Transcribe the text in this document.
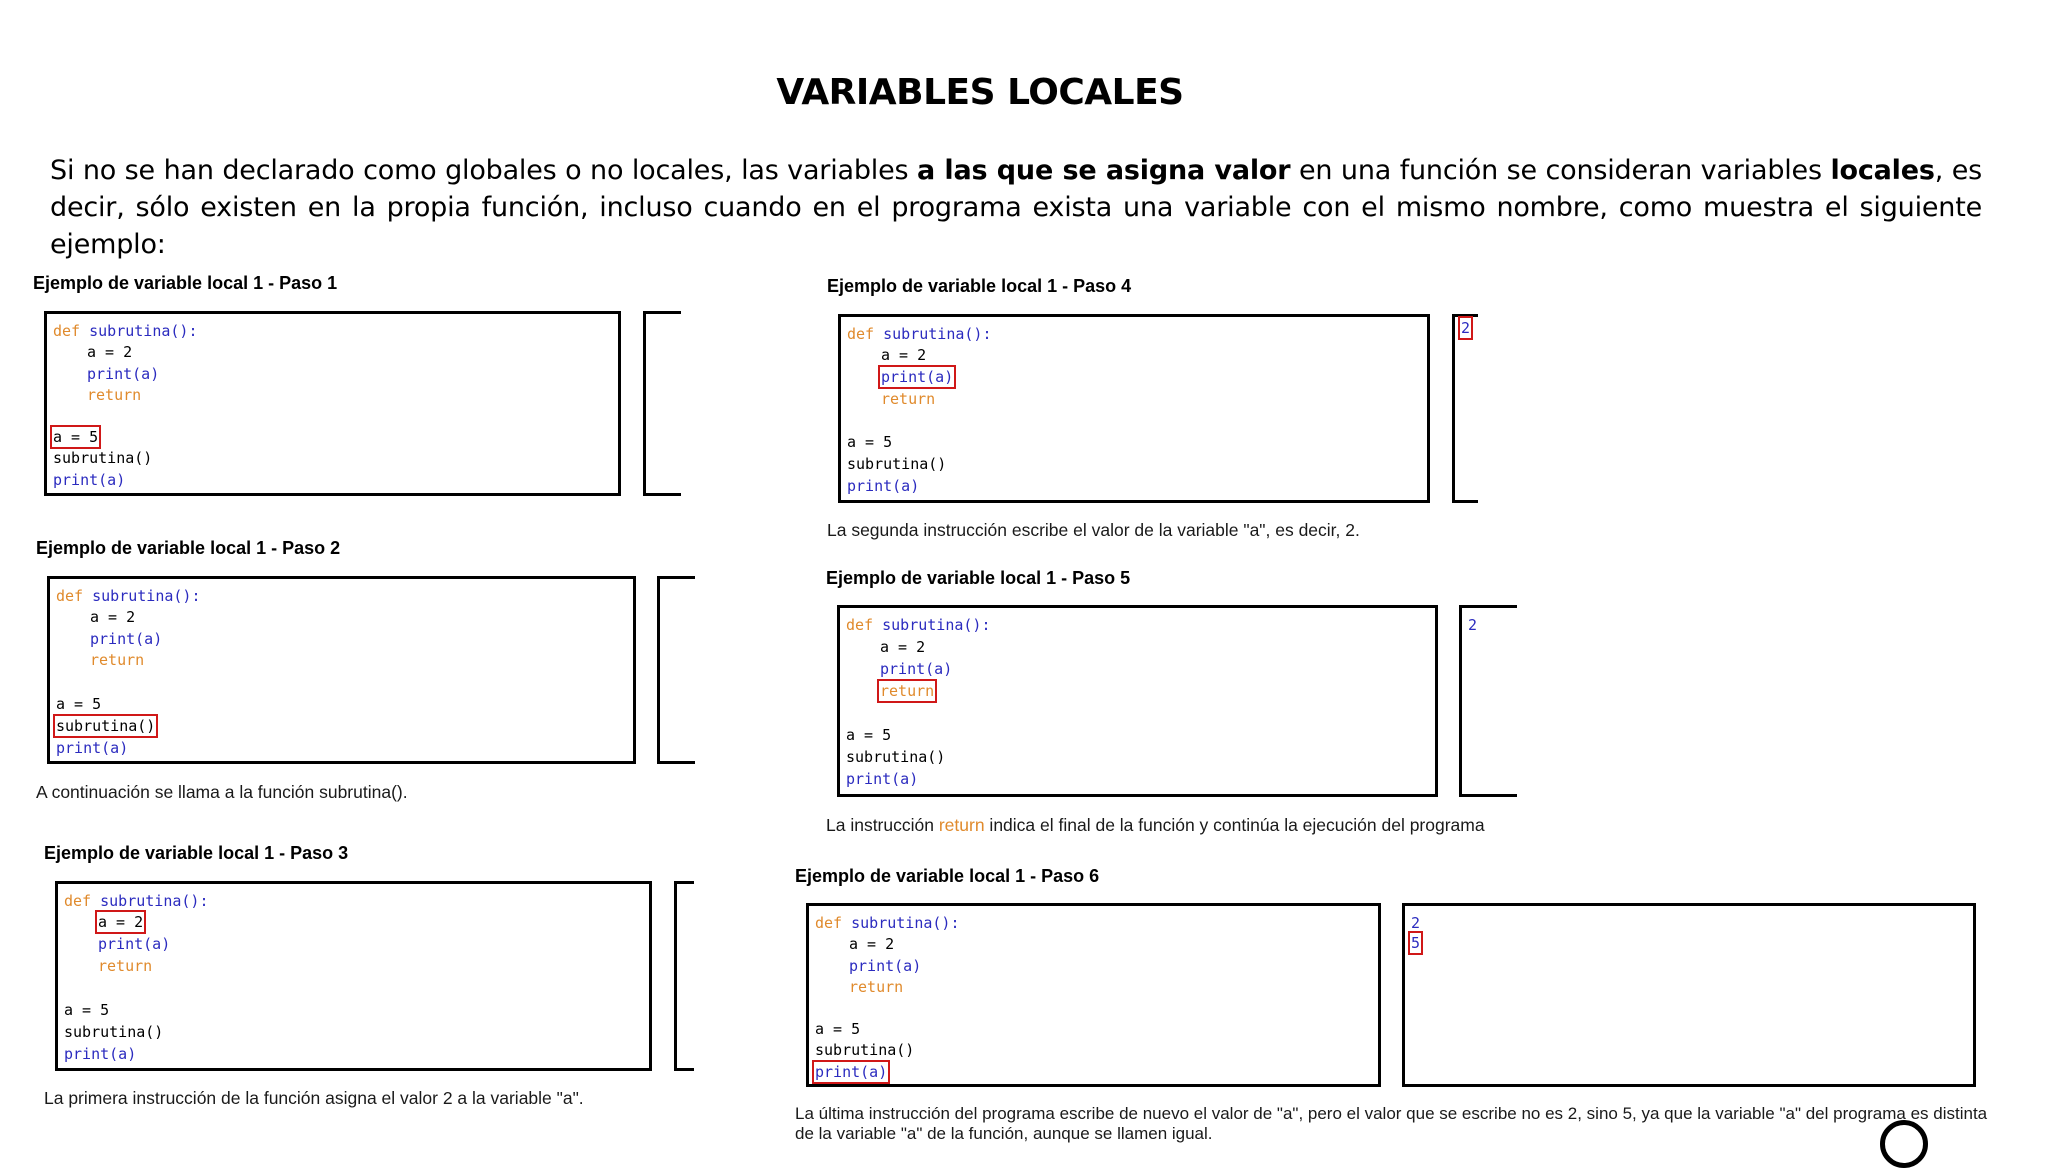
VARIABLES LOCALES
Si no se han declarado como globales o no locales, las variables a las que se asigna valor en una función se consideran variables locales, es decir, sólo existen en la propia función, incluso cuando en el programa exista una variable con el mismo nombre, como muestra el siguiente ejemplo:
Ejemplo de variable local 1 - Paso 1
def subrutina():
a = 2
print(a)
return
a = 5
subrutina()
print(a)
Ejemplo de variable local 1 - Paso 2
def subrutina():
a = 2
print(a)
return
a = 5
subrutina()
print(a)
A continuación se llama a la función subrutina().
Ejemplo de variable local 1 - Paso 3
def subrutina():
a = 2
print(a)
return
a = 5
subrutina()
print(a)
La primera instrucción de la función asigna el valor 2 a la variable "a".
Ejemplo de variable local 1 - Paso 4
def subrutina():
a = 2
print(a)
return
a = 5
subrutina()
print(a)
2
La segunda instrucción escribe el valor de la variable "a", es decir, 2.
Ejemplo de variable local 1 - Paso 5
def subrutina():
a = 2
print(a)
return
a = 5
subrutina()
print(a)
2
La instrucción return indica el final de la función y continúa la ejecución del programa
Ejemplo de variable local 1 - Paso 6
def subrutina():
a = 2
print(a)
return
a = 5
subrutina()
print(a)
2
5
La última instrucción del programa escribe de nuevo el valor de "a", pero el valor que se escribe no es 2, sino 5, ya que la variable "a" del programa es distinta de la variable "a" de la función, aunque se llamen igual.
